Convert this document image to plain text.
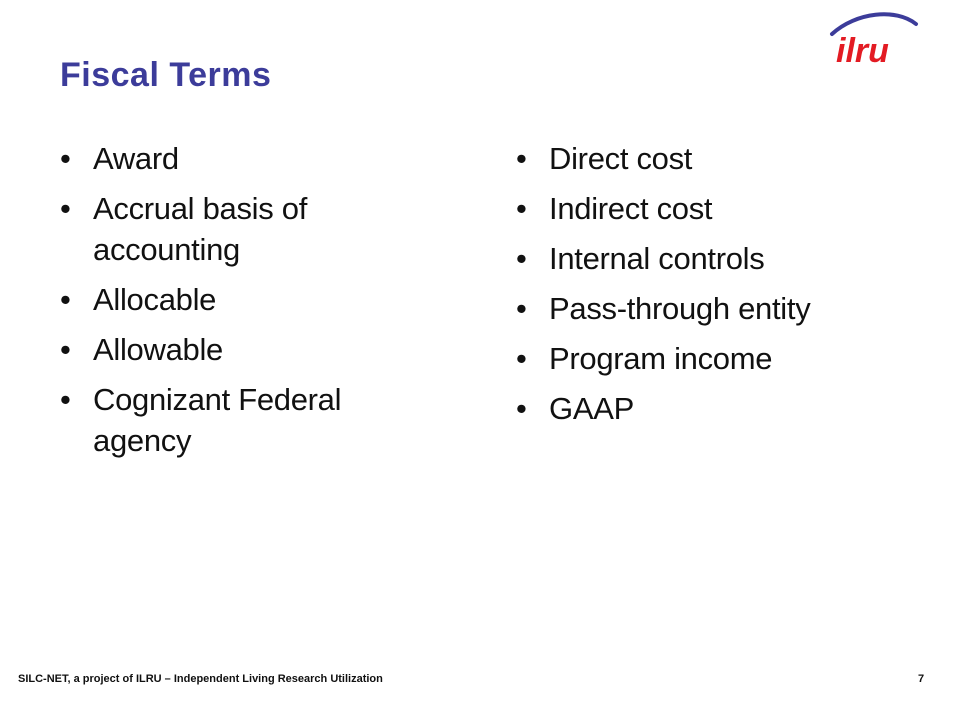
ilru
Fiscal Terms
• Award
• Accrual basis of accounting
• Allocable
• Allowable
• Cognizant Federal agency
• Direct cost
• Indirect cost
• Internal controls
• Pass-through entity
• Program income
• GAAP
SILC-NET, a project of ILRU – Independent Living Research Utilization	7
